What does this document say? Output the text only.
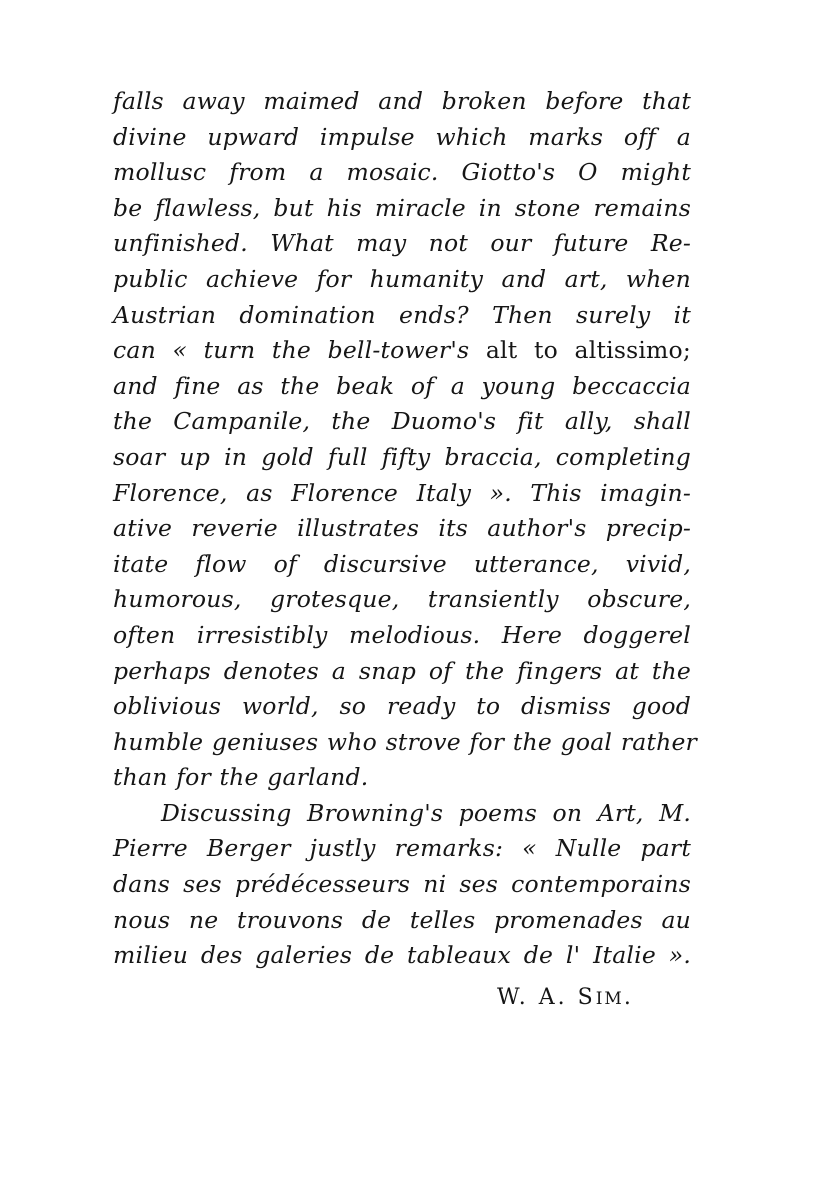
falls away maimed and broken before that
divine upward impulse which marks off a
mollusc from a mosaic. Giotto's O might
be flawless, but his miracle in stone remains
unfinished. What may not our future Re-
public achieve for humanity and art, when
Austrian domination ends? Then surely it
can « turn the bell-tower's alt to altissimo;
and fine as the beak of a young beccaccia
the Campanile, the Duomo's fit ally, shall
soar up in gold full fifty braccia, completing
Florence, as Florence Italy ». This imagin-
ative reverie illustrates its author's precip-
itate flow of discursive utterance, vivid,
humorous, grotesque, transiently obscure,
often irresistibly melodious. Here doggerel
perhaps denotes a snap of the fingers at the
oblivious world, so ready to dismiss good
humble geniuses who strove for the goal rather
than for the garland.
Discussing Browning's poems on Art, M.
Pierre Berger justly remarks: « Nulle part
dans ses prédécesseurs ni ses contemporains
nous ne trouvons de telles promenades au
milieu des galeries de tableaux de l' Italie ».
W. A. SIM.
